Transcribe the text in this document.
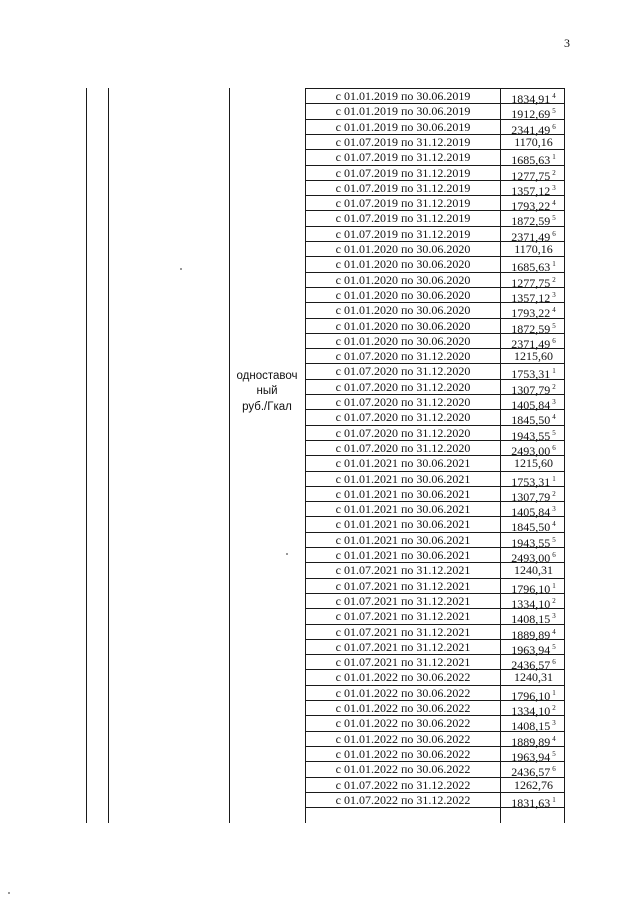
3
одноставоч
ный
руб./Гкал
с 01.01.2019 по 30.06.2019	1834,91 $^4$
с 01.01.2019 по 30.06.2019	1912,69 $^5$
с 01.01.2019 по 30.06.2019	2341,49 $^6$
с 01.07.2019 по 31.12.2019	1170,16
с 01.07.2019 по 31.12.2019	1685,63 $^1$
с 01.07.2019 по 31.12.2019	1277,75 $^2$
с 01.07.2019 по 31.12.2019	1357,12 $^3$
с 01.07.2019 по 31.12.2019	1793,22 $^4$
с 01.07.2019 по 31.12.2019	1872,59 $^5$
с 01.07.2019 по 31.12.2019	2371,49 $^6$
с 01.01.2020 по 30.06.2020	1170,16
с 01.01.2020 по 30.06.2020	1685,63 $^1$
с 01.01.2020 по 30.06.2020	1277,75 $^2$
с 01.01.2020 по 30.06.2020	1357,12 $^3$
с 01.01.2020 по 30.06.2020	1793,22 $^4$
с 01.01.2020 по 30.06.2020	1872,59 $^5$
с 01.01.2020 по 30.06.2020	2371,49 $^6$
с 01.07.2020 по 31.12.2020	1215,60
с 01.07.2020 по 31.12.2020	1753,31 $^1$
с 01.07.2020 по 31.12.2020	1307,79 $^2$
с 01.07.2020 по 31.12.2020	1405,84 $^3$
с 01.07.2020 по 31.12.2020	1845,50 $^4$
с 01.07.2020 по 31.12.2020	1943,55 $^5$
с 01.07.2020 по 31.12.2020	2493,00 $^6$
с 01.01.2021 по 30.06.2021	1215,60
с 01.01.2021 по 30.06.2021	1753,31 $^1$
с 01.01.2021 по 30.06.2021	1307,79 $^2$
с 01.01.2021 по 30.06.2021	1405,84 $^3$
с 01.01.2021 по 30.06.2021	1845,50 $^4$
с 01.01.2021 по 30.06.2021	1943,55 $^5$
с 01.01.2021 по 30.06.2021	2493,00 $^6$
с 01.07.2021 по 31.12.2021	1240,31
с 01.07.2021 по 31.12.2021	1796,10 $^1$
с 01.07.2021 по 31.12.2021	1334,10 $^2$
с 01.07.2021 по 31.12.2021	1408,15 $^3$
с 01.07.2021 по 31.12.2021	1889,89 $^4$
с 01.07.2021 по 31.12.2021	1963,94 $^5$
с 01.07.2021 по 31.12.2021	2436,57 $^6$
с 01.01.2022 по 30.06.2022	1240,31
с 01.01.2022 по 30.06.2022	1796,10 $^1$
с 01.01.2022 по 30.06.2022	1334,10 $^2$
с 01.01.2022 по 30.06.2022	1408,15 $^3$
с 01.01.2022 по 30.06.2022	1889,89 $^4$
с 01.01.2022 по 30.06.2022	1963,94 $^5$
с 01.01.2022 по 30.06.2022	2436,57 $^6$
с 01.07.2022 по 31.12.2022	1262,76
с 01.07.2022 по 31.12.2022	1831,63 $^1$
